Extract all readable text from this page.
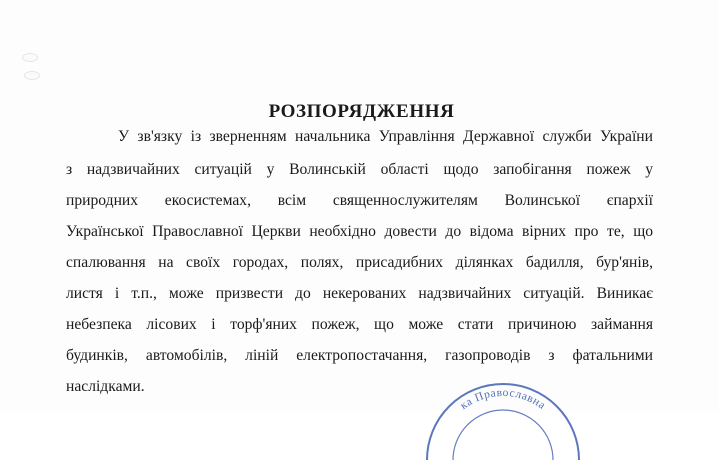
РОЗПОРЯДЖЕННЯ
У зв'язку із зверненням начальника Управління Державної служби України
з надзвичайних ситуацій у Волинській області щодо запобігання пожеж у
природних екосистемах, всім священнослужителям Волинської єпархії
Української Православної Церкви необхідно довести до відома вірних про те, що
спалювання на своїх городах, полях, присадибних ділянках бадилля, бур'янів,
листя і т.п., може призвести до некерованих надзвичайних ситуацій. Виникає
небезпека лісових і торф'яних пожеж, що може стати причиною займання
будинків, автомобілів, ліній електропостачання, газопроводів з фатальними
наслідками.
ка Православна
